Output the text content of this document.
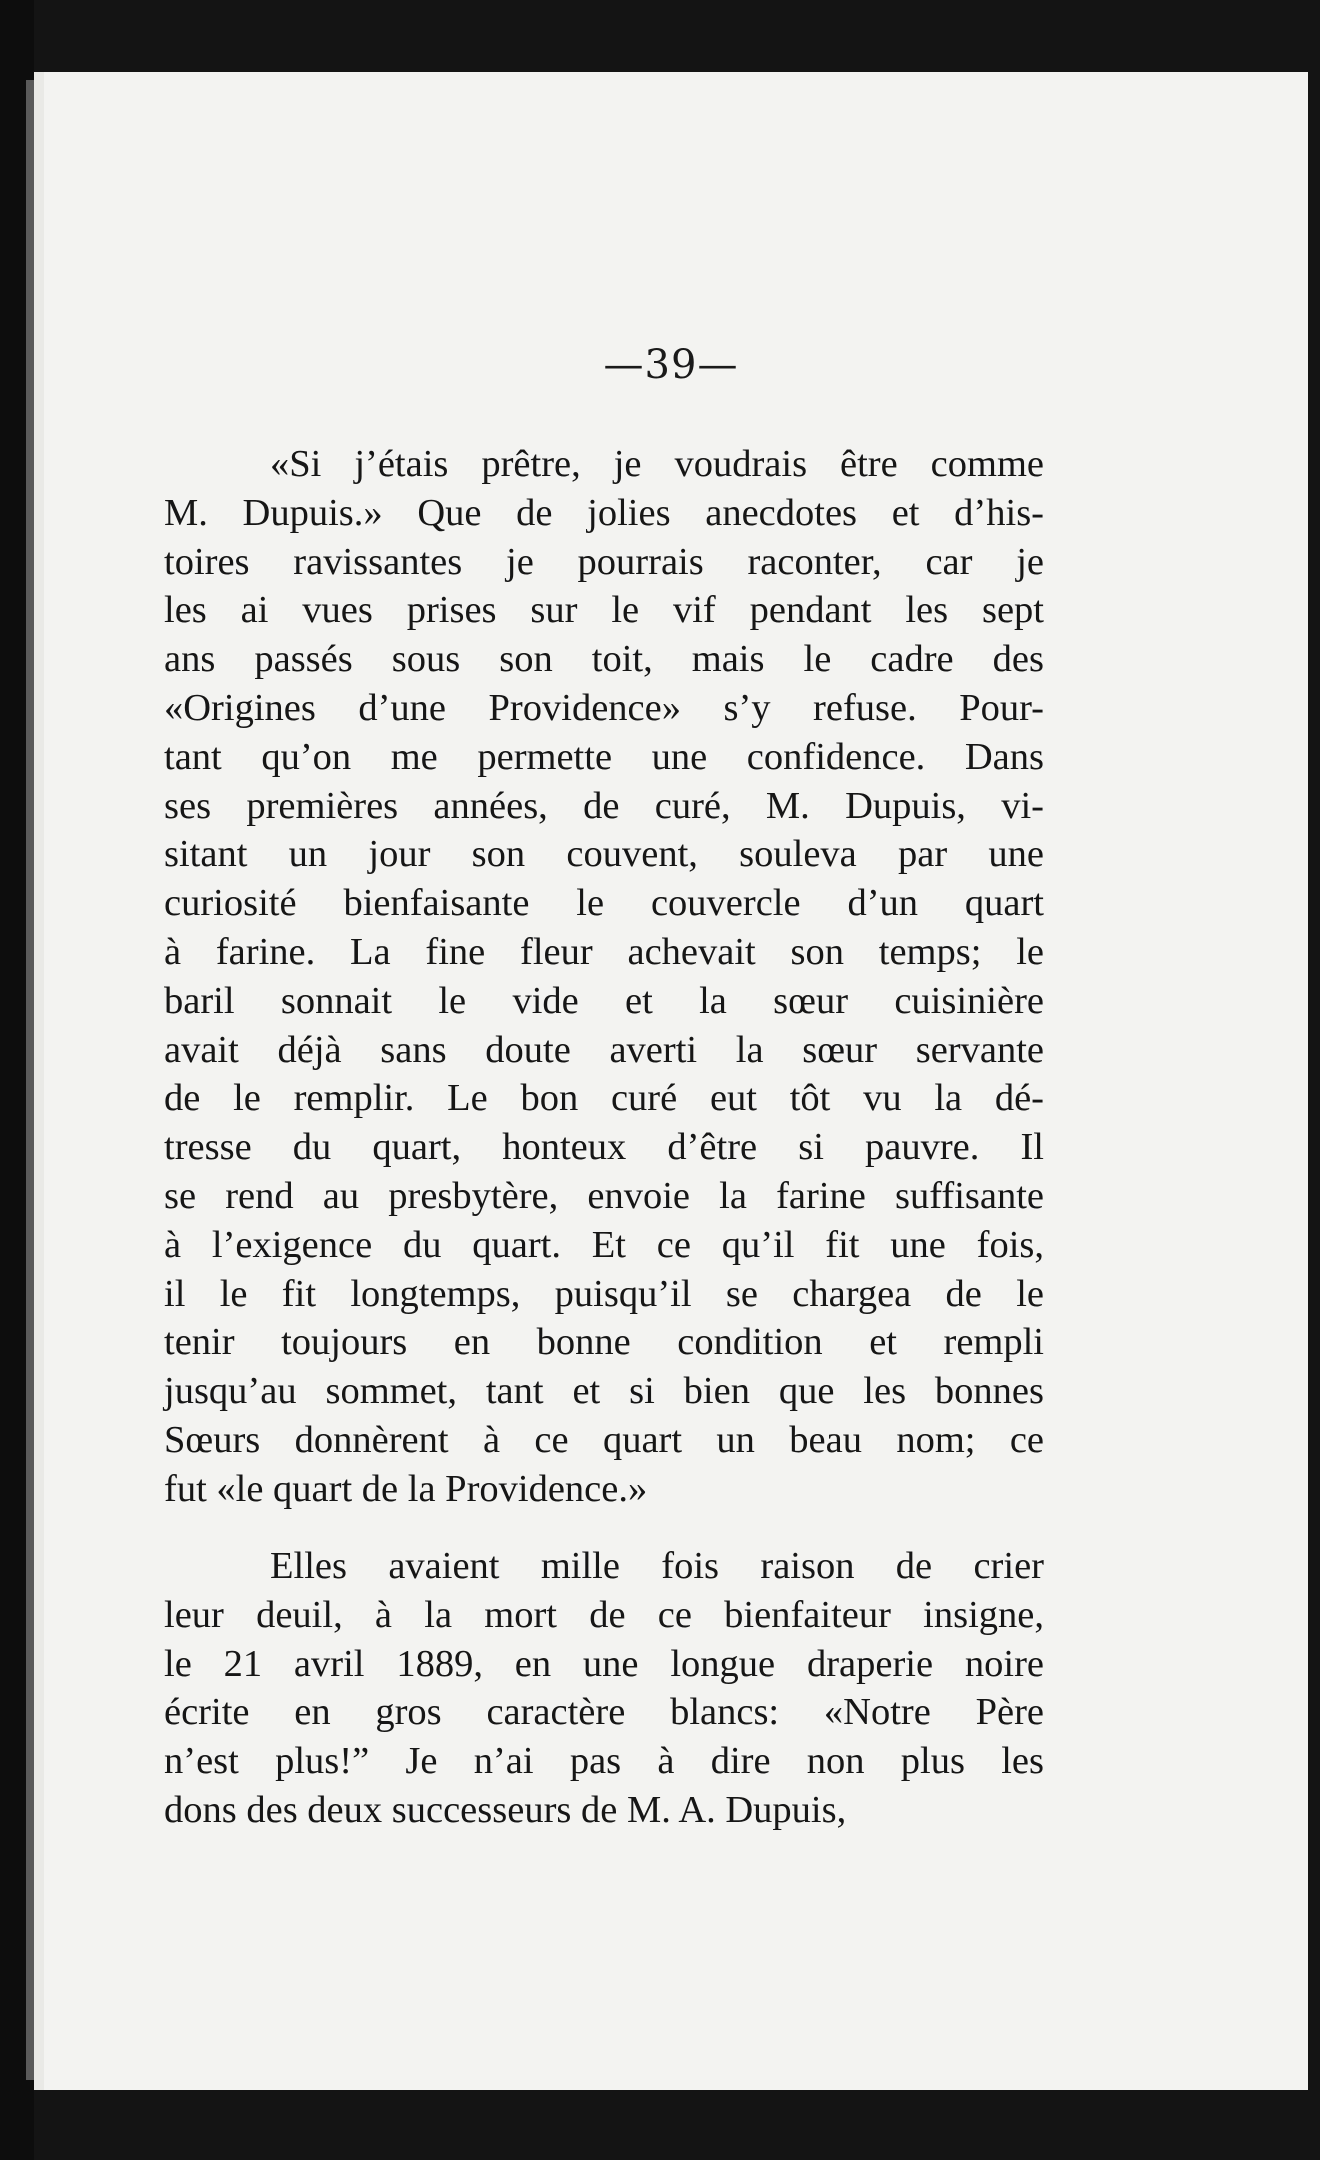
—39—
«Si j’étais prêtre, je voudrais être comme
M. Dupuis.» Que de jolies anecdotes et d’his-
toires ravissantes je pourrais raconter, car je
les ai vues prises sur le vif pendant les sept
ans passés sous son toit, mais le cadre des
«Origines d’une Providence» s’y refuse. Pour-
tant qu’on me permette une confidence. Dans
ses premières années, de curé, M. Dupuis, vi-
sitant un jour son couvent, souleva par une
curiosité bienfaisante le couvercle d’un quart
à farine. La fine fleur achevait son temps; le
baril sonnait le vide et la sœur cuisinière
avait déjà sans doute averti la sœur servante
de le remplir. Le bon curé eut tôt vu la dé-
tresse du quart, honteux d’être si pauvre. Il
se rend au presbytère, envoie la farine suffisante
à l’exigence du quart. Et ce qu’il fit une fois,
il le fit longtemps, puisqu’il se chargea de le
tenir toujours en bonne condition et rempli
jusqu’au sommet, tant et si bien que les bonnes
Sœurs donnèrent à ce quart un beau nom; ce
fut «le quart de la Providence.»
Elles avaient mille fois raison de crier
leur deuil, à la mort de ce bienfaiteur insigne,
le 21 avril 1889, en une longue draperie noire
écrite en gros caractère blancs: «Notre Père
n’est plus!” Je n’ai pas à dire non plus les
dons des deux successeurs de M. A. Dupuis,
